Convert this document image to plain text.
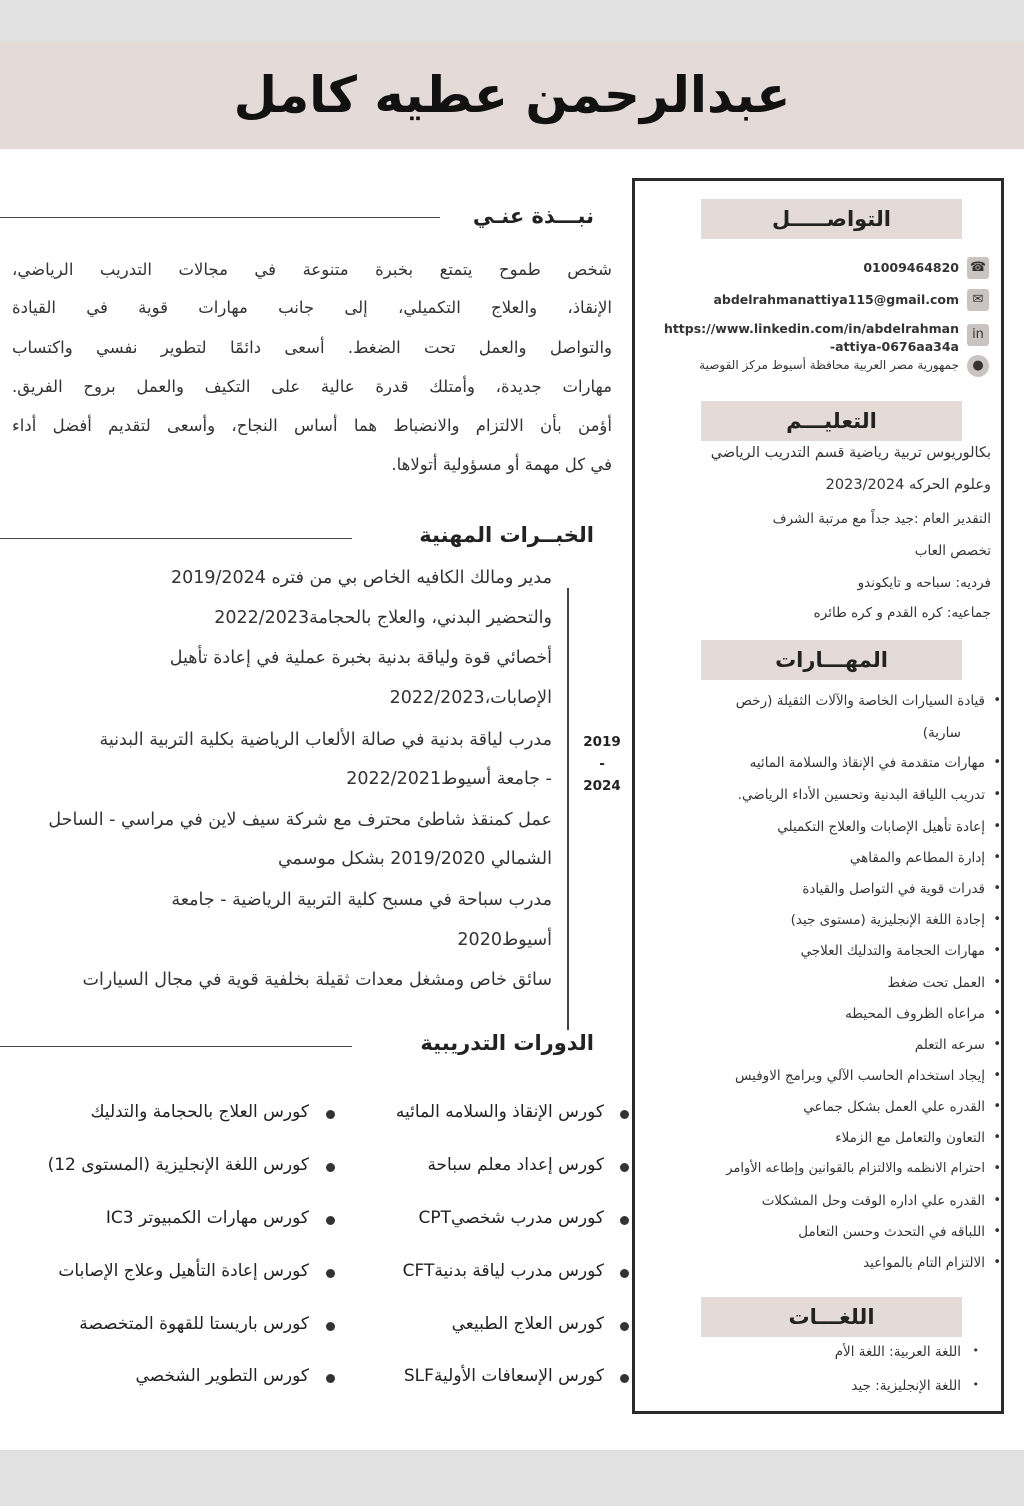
عبدالرحمن عطيه كامل
التواصـــــل
☎
01009464820
✉
abdelrahmanattiya115@gmail.com
in
https://www.linkedin.com/in/abdelrahman
-attiya-0676aa34a
●
جمهورية مصر العربية محافظة أسيوط مركز القوصية
التعليـــم
بكالوريوس تربية رياضية قسم التدريب الرياضي
وعلوم الحركه 2023/2024
التقدير العام :جيد جداً مع مرتبة الشرف
تخصص العاب
فرديه: سباحه و تايكوندو
جماعيه: كره القدم و كره طائره
المهـــارات
• قيادة السيارات الخاصة والآلات الثقيلة (رخص
سارية)
• مهارات متقدمة في الإنقاذ والسلامة المائيه
• تدريب اللياقة البدنية وتحسين الأداء الرياضي.
• إعادة تأهيل الإصابات والعلاج التكميلي
• إدارة المطاعم والمقاهي
• قدرات قوية في التواصل والقيادة
• إجادة اللغة الإنجليزية (مستوى جيد)
• مهارات الحجامة والتدليك العلاجي
• العمل تحت ضغط
• مراعاه الظروف المحيطه
• سرعه التعلم
• إيجاد استخدام الحاسب الآلي وبرامج الاوفيس
• القدره علي العمل بشكل جماعي
• التعاون والتعامل مع الزملاء
• احترام الانظمه والالتزام بالقوانين وإطاعه الأوامر
• القدره علي اداره الوقت وحل المشكلات
• اللباقه في التحدث وحسن التعامل
• الالتزام التام بالمواعيد
اللغـــات
• اللغة العربية: اللغة الأم
• اللغة الإنجليزية: جيد
نبـــذة عنـي
شخص طموح يتمتع بخبرة متنوعة في مجالات التدريب الرياضي،
الإنقاذ، والعلاج التكميلي، إلى جانب مهارات قوية في القيادة
والتواصل والعمل تحت الضغط. أسعى دائمًا لتطوير نفسي واكتساب
مهارات جديدة، وأمتلك قدرة عالية على التكيف والعمل بروح الفريق.
أؤمن بأن الالتزام والانضباط هما أساس النجاح، وأسعى لتقديم أفضل أداء
في كل مهمة أو مسؤولية أتولاها.
الخبــرات المهنية
2019
-
2024
مدير ومالك الكافيه الخاص بي من فتره 2019/2024
والتحضير البدني، والعلاج بالحجامة2022/2023
أخصائي قوة ولياقة بدنية بخبرة عملية في إعادة تأهيل
الإصابات،2022/2023
مدرب لياقة بدنية في صالة الألعاب الرياضية بكلية التربية البدنية
- جامعة أسيوط2022/2021
عمل كمنقذ شاطئ محترف مع شركة سيف لاين في مراسي - الساحل
الشمالي 2019/2020 بشكل موسمي
مدرب سباحة في مسبح كلية التربية الرياضية - جامعة
أسيوط2020
سائق خاص ومشغل معدات ثقيلة بخلفية قوية في مجال السيارات
الدورات التدريبية
كورس الإنقاذ والسلامه المائيه
كورس إعداد معلم سباحة
كورس مدرب شخصيCPT
كورس مدرب لياقة بدنيةCFT
كورس العلاج الطبيعي
كورس الإسعافات الأوليةSLF
كورس العلاج بالحجامة والتدليك
كورس اللغة الإنجليزية (المستوى 12)
كورس مهارات الكمبيوتر IC3
كورس إعادة التأهيل وعلاج الإصابات
كورس باريستا للقهوة المتخصصة
كورس التطوير الشخصي
